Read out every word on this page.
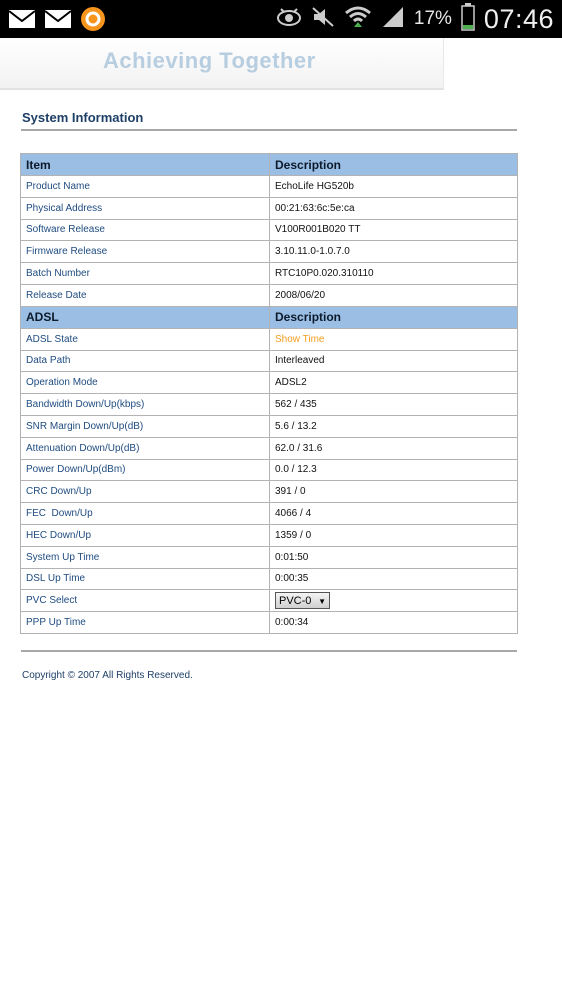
17% 07:46
Achieving Together
System Information
Item	Description
Product Name	EchoLife HG520b
Physical Address	00:21:63:6c:5e:ca
Software Release	V100R001B020 TT
Firmware Release	3.10.11.0-1.0.7.0
Batch Number	RTC10P0.020.310110
Release Date	2008/06/20
ADSL	Description
ADSL State	Show Time
Data Path	Interleaved
Operation Mode	ADSL2
Bandwidth Down/Up(kbps)	562 / 435
SNR Margin Down/Up(dB)	5.6 / 13.2
Attenuation Down/Up(dB)	62.0 / 31.6
Power Down/Up(dBm)	0.0 / 12.3
CRC Down/Up	391 / 0
FEC  Down/Up	4066 / 4
HEC Down/Up	1359 / 0
System Up Time	0:01:50
DSL Up Time	0:00:35
PVC Select	PVC-0 ▼

PPP Up Time	0:00:34
Copyright © 2007 All Rights Reserved.
